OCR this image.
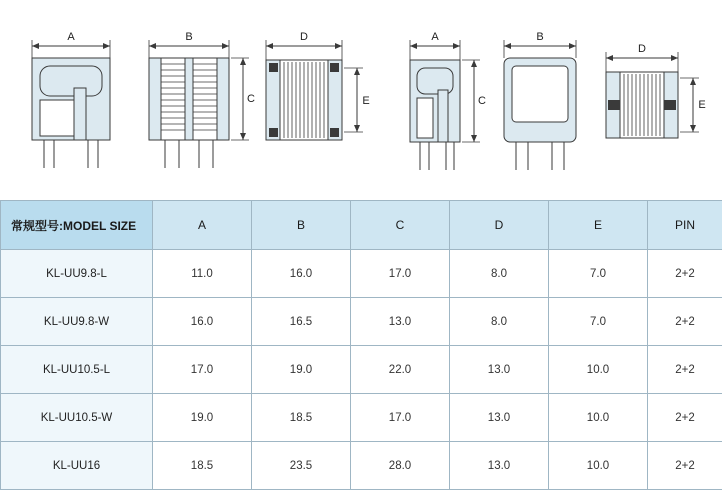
A	B
C
D
E
A
C
B
D
E
常规型号:MODEL SIZE	A	B	C	D	E	PIN
KL-UU9.8-L	11.0	16.0	17.0	8.0	7.0	2+2
KL-UU9.8-W	16.0	16.5	13.0	8.0	7.0	2+2
KL-UU10.5-L	17.0	19.0	22.0	13.0	10.0	2+2
KL-UU10.5-W	19.0	18.5	17.0	13.0	10.0	2+2
KL-UU16	18.5	23.5	28.0	13.0	10.0	2+2
